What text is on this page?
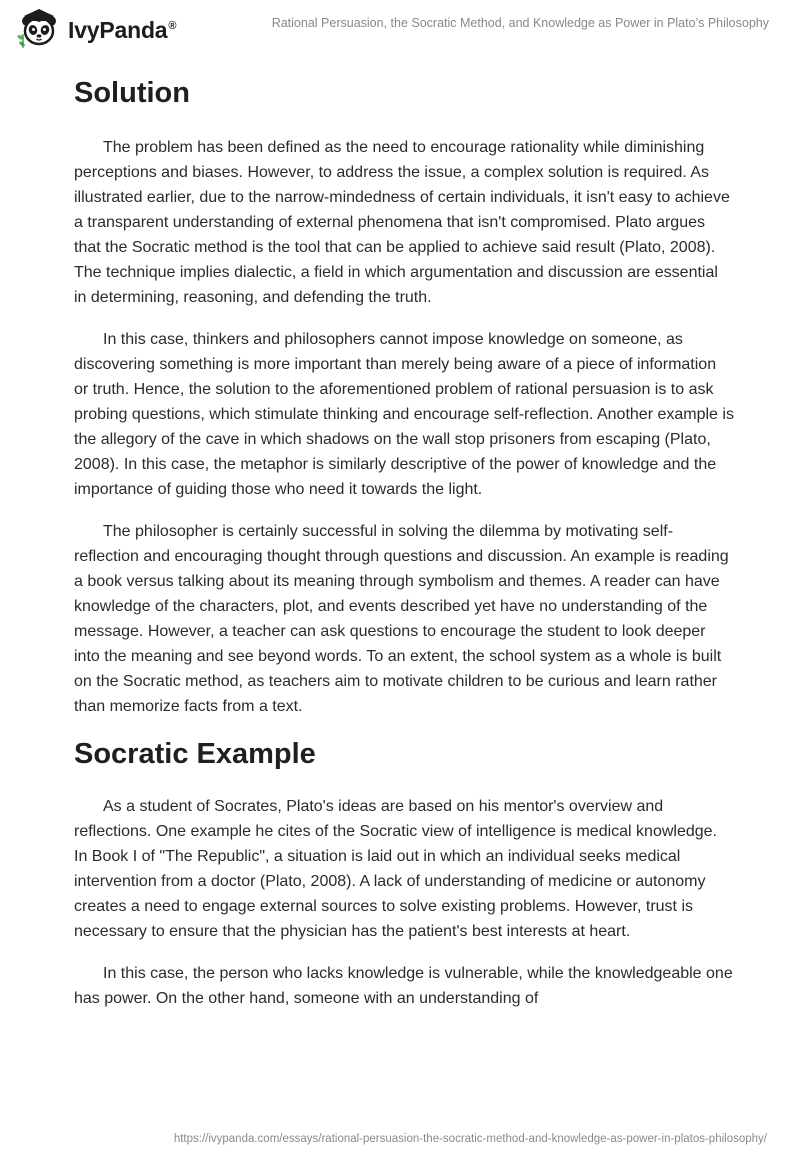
IvyPanda®	Rational Persuasion, the Socratic Method, and Knowledge as Power in Plato’s Philosophy
Solution

The problem has been defined as the need to encourage rationality while diminishing perceptions and biases. However, to address the issue, a complex solution is required. As illustrated earlier, due to the narrow-mindedness of certain individuals, it isn't easy to achieve a transparent understanding of external phenomena that isn't compromised. Plato argues that the Socratic method is the tool that can be applied to achieve said result (Plato, 2008). The technique implies dialectic, a field in which argumentation and discussion are essential in determining, reasoning, and defending the truth.

In this case, thinkers and philosophers cannot impose knowledge on someone, as discovering something is more important than merely being aware of a piece of information or truth. Hence, the solution to the aforementioned problem of rational persuasion is to ask probing questions, which stimulate thinking and encourage self-reflection. Another example is the allegory of the cave in which shadows on the wall stop prisoners from escaping (Plato, 2008). In this case, the metaphor is similarly descriptive of the power of knowledge and the importance of guiding those who need it towards the light.

The philosopher is certainly successful in solving the dilemma by motivating self-reflection and encouraging thought through questions and discussion. An example is reading a book versus talking about its meaning through symbolism and themes. A reader can have knowledge of the characters, plot, and events described yet have no understanding of the message. However, a teacher can ask questions to encourage the student to look deeper into the meaning and see beyond words. To an extent, the school system as a whole is built on the Socratic method, as teachers aim to motivate children to be curious and learn rather than memorize facts from a text.

Socratic Example

As a student of Socrates, Plato's ideas are based on his mentor's overview and reflections. One example he cites of the Socratic view of intelligence is medical knowledge. In Book I of "The Republic", a situation is laid out in which an individual seeks medical intervention from a doctor (Plato, 2008). A lack of understanding of medicine or autonomy creates a need to engage external sources to solve existing problems. However, trust is necessary to ensure that the physician has the patient's best interests at heart.

In this case, the person who lacks knowledge is vulnerable, while the knowledgeable one has power. On the other hand, someone with an understanding of

https://ivypanda.com/essays/rational-persuasion-the-socratic-method-and-knowledge-as-power-in-platos-philosophy/
